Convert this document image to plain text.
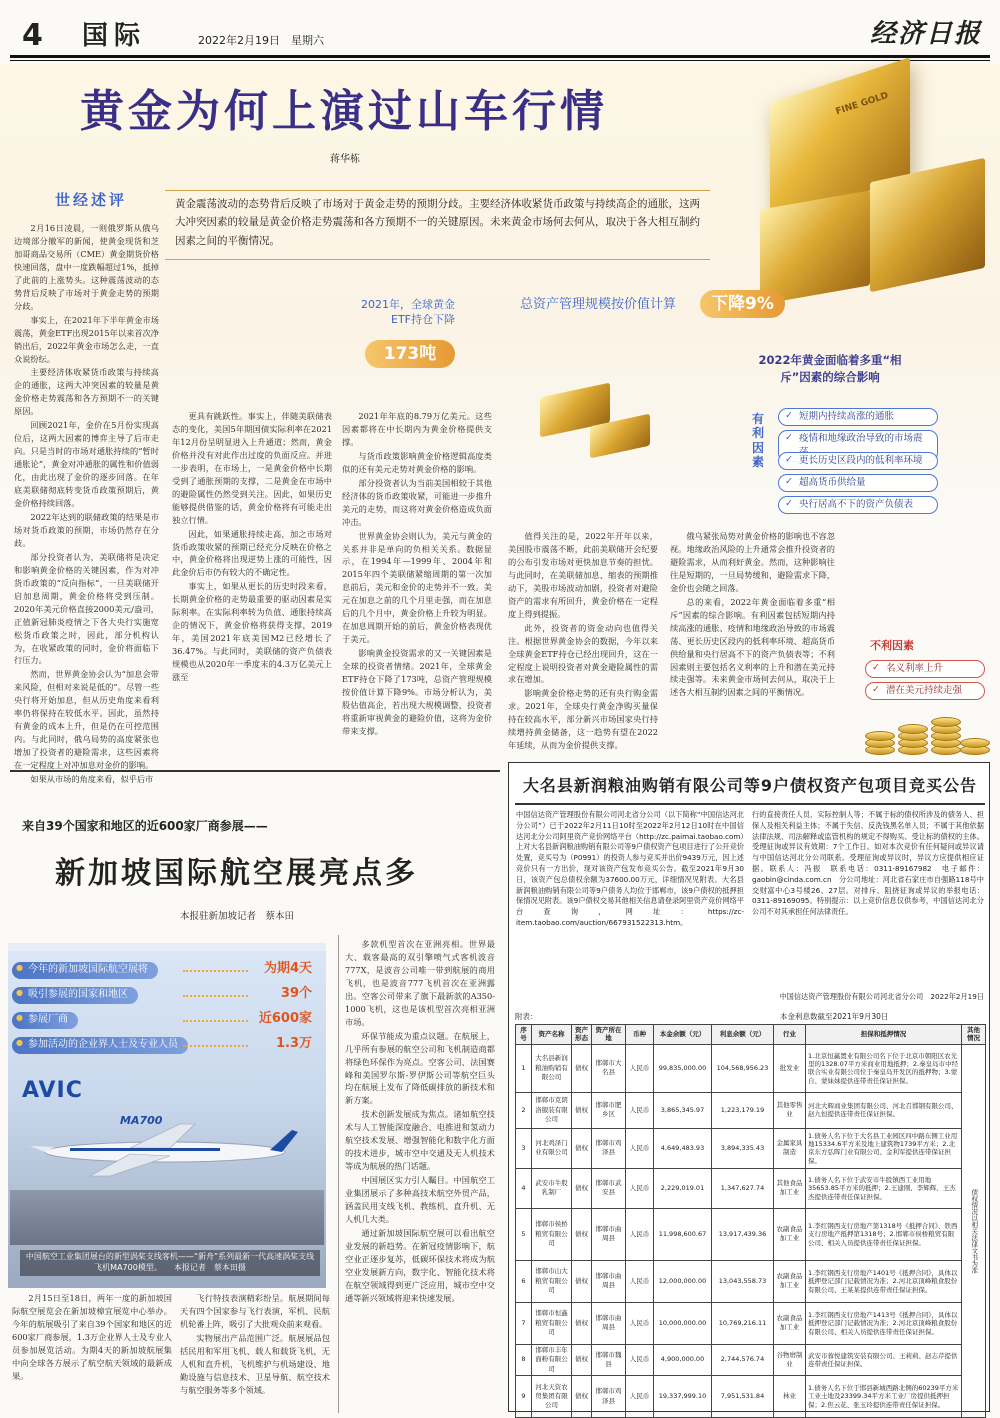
4 国际	2022年2月19日　星期六	经济日报
黄金为何上演过山车行情
蒋华栋
世经述评	黄金震荡波动的态势背后反映了市场对于黄金走势的预期分歧。主要经济体收紧货币政策与持续高企的通胀，这两大冲突因素的较量是黄金价格走势震荡和各方预期不一的关键原因。未来黄金市场何去何从，取决于各大相互制约因素之间的平衡情况。
FINE GOLD
2021年，全球黄金ETF持仓下降
173吨
总资产管理规模按价值计算	下降9%
2022年黄金面临着多重“相斥”因素的综合影响
有利因素
✓ 短期内持续高涨的通胀
✓ 疫情和地缘政治导致的市场震
✓ 更长历史区段内的低利率环境
✓ 超高货币供给量
✓ 央行居高不下的资产负债表
不利因素
✓ 名义利率上升
✓ 潜在美元持续走强

2月16日凌晨，一则俄罗斯从俄乌边境部分撤军的新闻，使黄金现货和芝加哥商品交易所（CME）黄金期货价格快速回落，盘中一度跌幅超过1%，抵掉了此前的上涨势头。这种震荡波动的态势背后反映了市场对于黄金走势的预期分歧。

事实上，在2021年下半年黄金市场震荡，黄金ETF出现2015年以来首次净销出后，2022年黄金市场怎么走，一直众说纷纭。

主要经济体收紧货币政策与持续高企的通胀，这两大冲突因素的较量是黄金价格走势震荡和各方预期不一的关键原因。

回顾2021年，金价在5月份实现高位后，这两大因素的博弈主导了后市走向。只是当时的市场对通胀持续的“暂时通胀论”，黄金对冲通胀的属性和价值弱化，由此出现了金价的逐步回落。在年底美联储彻底转变货币政策预期后，黄金价格持续回落。

2022年达到的联储政策的结果是市场对货币政策的预期，市场仍然存在分歧。

部分投资者认为，美联储将是决定和影响黄金价格的关键因素，作为对冲货币政策的“反向指标”，一旦美联储开启加息周期，黄金价格将受到压制。2020年美元价格直接2000美元/盎司，正值新冠肺炎疫情之下各大央行实施宽松货币政策之时，因此，部分机构认为，在收紧政策的同时，金价将面临下行压力。

然而，世界黄金协会认为“加息会带来风险，但相对来说是低的”。尽管一些央行将开始加息，但从历史角度来看利率仍将保持在较低水平。因此，虽然持有黄金的成本上升，但是仍在可控范围内。与此同时，俄乌局势的高度紧张也增加了投资者的避险需求，这些因素将在一定程度上对冲加息对金价的影响。

如果从市场的角度来看，似乎后市

更具有跳跃性。事实上，伴随美联储表态的变化，美国5年期国债实际利率在2021年12月份呈明显进入上升通道；然而，黄金价格并没有对此作出过度的负面反应。并进一步表明，在市场上，一是黄金价格中长期受到了通胀预期的支撑，二是黄金在市场中的避险属性仍然受到关注。因此，如果历史能够提供借鉴的话，黄金价格将有可能走出独立行情。

因此，如果通胀持续走高，加之市场对货币政策收紧的预期已经充分反映在价格之中，黄金价格将出现逆势上涨的可能性，因此金价后市仍有较大的不确定性。

事实上，如果从更长的历史时段来看，长期黄金价格的走势最重要的驱动因素是实际利率。在实际利率转为负值、通胀持续高企的情况下，黄金价格将获得支撑，2019年，美国2021年底美国M2已经增长了36.47%。与此同时，美联储的资产负债表规模也从2020年一季度末的4.3万亿美元上涨至

2021年年底的8.79万亿美元。这些因素都将在中长期内为黄金价格提供支撑。

与货币政策影响黄金价格逻辑高度类似的还有美元走势对黄金价格的影响。

部分投资者认为当前美国相较于其他经济体的货币政策收紧，可能进一步推升美元的走势，而这将对黄金价格造成负面冲击。

世界黄金协会则认为，美元与黄金的关系并非是单向的负相关关系。数据显示，在1994年—1999年、2004年和2015年四个美联储紧缩周期的第一次加息前后，美元和金价的走势并不一致。美元在加息之前的几个月里走强，而在加息后的几个月中，黄金价格上升较为明显。在加息周期开始的前后，黄金价格表现优于美元。

影响黄金投资需求的又一关键因素是全球的投资者情绪。2021年，全球黄金ETF持仓下降了173吨，总资产管理规模按价值计算下降9%。市场分析认为，美股估值高企，若出现大规模调整，投资者将重新审视黄金的避险价值，这将为金价带来支撑。

值得关注的是，2022年开年以来，美国股市震荡不断，此前美联储开会纪要的公布引发市场对更快加息节奏的担忧。与此同时，在美联储加息、缩表的预期推动下，美股市场波动加剧，投资者对避险资产的需求有所回升，黄金价格在一定程度上得到提振。

此外，投资者的资金动向也值得关注。根据世界黄金协会的数据，今年以来全球黄金ETF持仓已经出现回升，这在一定程度上说明投资者对黄金避险属性的需求在增加。

影响黄金价格走势的还有央行购金需求。2021年，全球央行黄金净购买量保持在较高水平，部分新兴市场国家央行持续增持黄金储备，这一趋势有望在2022年延续，从而为金价提供支撑。

俄乌紧张局势对黄金价格的影响也不容忽视。地缘政治风险的上升通常会推升投资者的避险需求，从而利好黄金。然而，这种影响往往是短期的，一旦局势缓和，避险需求下降，金价也会随之回落。

总的来看，2022年黄金面临着多重“相斥”因素的综合影响。有利因素包括短期内持续高涨的通胀、疫情和地缘政治导致的市场震荡、更长历史区段内的低利率环境、超高货币供给量和央行居高不下的资产负债表等；不利因素则主要包括名义利率的上升和潜在美元持续走强等。未来黄金市场何去何从，取决于上述各大相互制约因素之间的平衡情况。

来自39个国家和地区的近600家厂商参展——
新加坡国际航空展亮点多
本报驻新加坡记者　蔡本田
● 今年的新加坡国际航空展将	为期4天
● 吸引参展的国家和地区	39个
● 参展厂商	近600家
● 参加活动的企业界人士及专业人员	1.3万
AVIC
MA700
中国航空工业集团展台的新型涡桨支线客机——“新舟”系列最新一代高速涡桨支线飞机MA700模型。　　本报记者　蔡本田摄

2月15日至18日，两年一度的新加坡国际航空展览会在新加坡樟宜展览中心举办。今年的航展吸引了来自39个国家和地区的近600家厂商参展，1.3万企业界人士及专业人员参加展览活动。为期4天的新加坡航展集中向全球各方展示了航空航天领域的最新成果。

飞行特技表演精彩纷呈。航展期间每天有四个国家参与飞行表演，军机、民航机轮番上阵，吸引了大批观众前来观看。

实物展出产品范围广泛。航展展品包括民用和军用飞机、载人和载货飞机，无人机和直升机，飞机维护与机场建设、地勤设施与信息技术、卫星导航、航空技术与航空服务等多个领域。

多款机型首次在亚洲亮相。世界最大、载客最高的双引擎喷气式客机波音777X，是波音公司唯一带到航展的商用飞机，也是波音777飞机首次在亚洲露出。空客公司带来了旗下最新款的A350-1000飞机，这也是该机型首次亮相亚洲市场。

环保节能成为重点议题。在航展上，几乎所有参展的航空公司和飞机制造商都将绿色环保作为亮点。空客公司、法国赛峰和美国罗尔斯-罗伊斯公司等航空巨头均在航展上发布了降低碳排放的新技术和新方案。

技术创新发展成为焦点。诸如航空技术与人工智能深度融合、电推进和氢动力航空技术发展、增强智能化和数字化方面的技术进步，城市空中交通及无人机技术等成为航展的热门话题。

中国展区实力引人瞩目。中国航空工业集团展示了多种高技术航空外贸产品，涵盖民用支线飞机、教练机、直升机、无人机几大类。

通过新加坡国际航空展可以看出航空业发展的新趋势。在新冠疫情影响下，航空业正逐步复苏，低碳环保技术将成为航空业发展新方向，数字化、智能化技术将在航空领域得到更广泛应用，城市空中交通等新兴领域将迎来快速发展。

大名县新润粮油购销有限公司等9户债权资产包项目竞买公告
中国信达资产管理股份有限公司河北省分公司（以下简称“中国信达河北分公司”）已于2022年2月11日10时至2022年2月12日10时在中国信达河北分公司阿里资产竞价网络平台（http://zc.paimai.taobao.com）上对大名县新润粮油购销有限公司等9户债权资产包项目进行了公开竞价处置，竞买号为（P0991）的投资人参与竞买并出价9439万元，因上述竞价只有一方出价，现对该资产包发布竞买公告。截至2021年9月30日，该资产包总债权余额为37600.00万元，详细情况见附表。大名县新润粮油购销有限公司等9户债务人均位于邯郸市，该9户债权的抵押担保情况见附表。该9户债权交易其他相关信息请登录阿里资产竞价网络平台查询，网址：https://zc-item.taobao.com/auction/667931522313.htm。
行的直接责任人员、实际控制人等；不属于标的债权所涉及的债务人、担保人及相关利益主体；不属于失信、反洗钱黑名单人员；不属于其他依据法律法规、司法解释或监管机构的规定不得购买、受让标的债权的主体。受理征询或异议有效期：7个工作日。如对本次竞价有任何疑问或异议请与中国信达河北分公司联系。受理征询或异议时，异议方应提供相应证据。联系人：冯振　联系电话：0311-89167982　电子邮件：gaobin@cinda.com.cn　分公司地址：河北省石家庄市自强路118号中交财富中心3号楼26、27层。对排斥、阻挠征询或异议的举报电话：0311-89169095。特别提示：以上竞价信息仅供参考，中国信达河北分公司不对其承担任何法律责任。
中国信达资产管理股份有限公司河北省分公司　2022年2月19日
附表：	本金利息数截至2021年9月30日
序号	资产名称	资产形态	资产所在地	币种	本金余额（元）	利息余额（元）	行业	担保和抵押情况	其他情况
1	大名县新润粮油购销有限公司	债权	邯郸市大名县	人民币	99,835,000.00	104,568,956.23	批发业	1.北京恒赢置业有限公司名下位于北京市朝阳区农光里的1328.07平方米商业用地抵押；2.秦皇岛市中经联合实业有限公司位于秦皇岛开发区的抵押物；3.蒙自、蒙妹妹提供连带责任保证担保。	债权情况以相关法律文书为准
2	邯郸市克朗洛服装有限公司	债权	邯郸市肥乡区	人民币	3,865,345.97	1,223,179.19	其他零售业	河北大辉商业集团有限公司、河北召邯钢有限公司、赵九恒提供连带责任保证担保。	
3	河北鸡泽门业有限公司	债权	邯郸市鸡泽县	人民币	4,649,483.93	3,894,335.43	金属家具制造	1.债务人名下位于大名县工业园区四中路东侧工业用地15334.6平方米及地上建筑物1739平方米；2.北京东方弘晖门业有限公司、金利军提供连带保证担保。	
4	武安市牛股乳制厂	债权	邯郸市武安县	人民币	2,229,019.01	1,347,627.74	其他食品加工业	1.债务人名下位于武安市牛股镇西工业用地35653.85平方米的抵押；2.王建刚、李辉辉、王杰杰提供连带责任保证担保。	
5	邯郸市侯桥粮贸有限公司	债权	邯郸市曲周县	人民币	11,998,600.67	13,917,439.36	农副食品加工业	1.李红钢西支行房地产第1318号《抵押合同》、铁西支行房地产抵押第1318号；2.邯郸市侯桥粮贸有限公司、相关人员提供连带责任保证担保。	
6	邯郸市山大粮贸有限公司	债权	邯郸市曲周县	人民币	12,000,000.00	13,043,558.73	农副食品加工业	1.李红钢西支行房地产1401号《抵押合同》，具体以抵押登记部门记载情况为准；2.河北京顶峰粮食股份有限公司、王某某提供连带责任保证担保。	
7	邯郸市恒鑫粮贸有限公司	债权	邯郸市曲周县	人民币	10,000,000.00	10,769,216.11	农副食品加工业	1.李红钢西支行房地产1413号《抵押合同》，具体以抵押登记部门记载情况为准；2.河北京顶峰粮食股份有限公司、相关人员提供连带责任保证担保。	
8	邯郸市丰年面粉有限公司	债权	邯郸市魏县	人民币	4,900,000.00	2,744,576.74	谷物磨制业	武安市蓉悦建筑安装有限公司、王莉莉、赵志芹提供连带责任保证担保。	
9	河北天资农贸集团有限公司	债权	邯郸市鸡泽县	人民币	19,337,999.10	7,951,531.84	林业	1.债务人名下位于邯县新城西路北侧的60239平方米工业土地及23399.34平方米工业厂房提供抵押担保；2.焦云花、张玉玲提供连带责任保证担保。	
